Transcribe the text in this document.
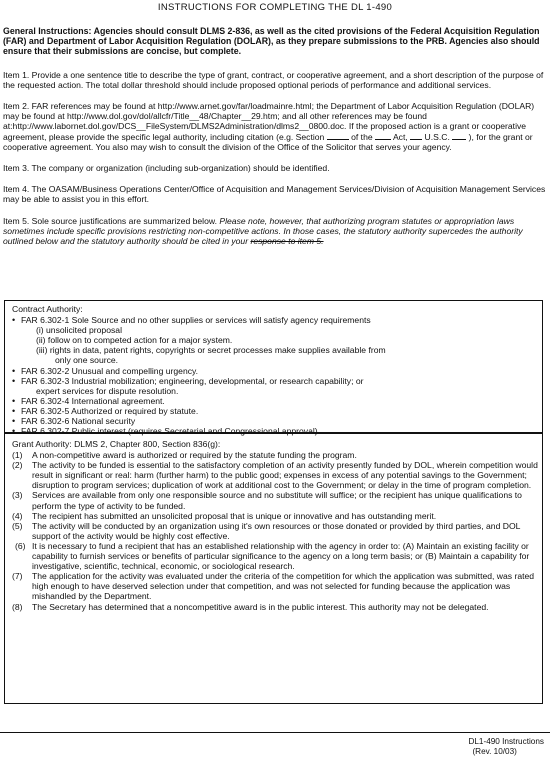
INSTRUCTIONS FOR COMPLETING THE DL 1-490
General Instructions: Agencies should consult DLMS 2-836, as well as the cited provisions of the Federal Acquisition Regulation (FAR) and Department of Labor Acquisition Regulation (DOLAR), as they prepare submissions to the PRB. Agencies also should ensure that their submissions are concise, but complete.
Item 1. Provide a one sentence title to describe the type of grant, contract, or cooperative agreement, and a short description of the purpose of the requested action. The total dollar threshold should include proposed optional periods of performance and additional services.
Item 2. FAR references may be found at http://www.arnet.gov/far/loadmainre.html; the Department of Labor Acquisition Regulation (DOLAR) may be found at http://www.dol.gov/dol/allcfr/Title__48/Chapter__29.htm; and all other references may be found at:http://www.labornet.dol.gov/DCS__FileSystem/DLMS2Administration/dlms2__0800.doc. If the proposed action is a grant or cooperative agreement, please provide the specific legal authority, including citation (e.g. Section	of the Act, U.S.C. ), for the grant or cooperative agreement. You also may wish to consult the division of the Office of the Solicitor that serves your agency.
Item 3. The company or organization (including sub-organization) should be identified.
Item 4. The OASAM/Business Operations Center/Office of Acquisition and Management Services/Division of Acquisition Management Services may be able to assist you in this effort.
Item 5. Sole source justifications are summarized below. Please note, however, that authorizing program statutes or appropriation laws sometimes include specific provisions restricting non-competitive actions. In those cases, the statutory authority supercedes the authority outlined below and the statutory authority should be cited in your response to item 5.
Contract Authority:
• FAR 6.302-1 Sole Source and no other supplies or services will satisfy agency requirements
(i) unsolicited proposal
(ii) follow on to competed action for a major system.
(iii) rights in data, patent rights, copyrights or secret processes make supplies available from
only one source.
• FAR 6.302-2 Unusual and compelling urgency.
• FAR 6.302-3 Industrial mobilization; engineering, developmental, or research capability; or
expert services for dispute resolution.
• FAR 6.302-4 International agreement.
• FAR 6.302-5 Authorized or required by statute.
• FAR 6.302-6 National security
• FAR 6.302-7 Public interest (requires Secretarial and Congressional approval)
Grant Authority: DLMS 2, Chapter 800, Section 836(g):
(1) A non-competitive award is authorized or required by the statute funding the program.
(2) The activity to be funded is essential to the satisfactory completion of an activity presently funded by DOL, wherein competition would result in significant or real: harm (further harm) to the public good; expenses in excess of any potential savings to the Government; disruption to program services; duplication of work at additional cost to the Government; or delay in the time of program completion.
(3) Services are available from only one responsible source and no substitute will suffice; or the recipient has unique qualifications to perform the type of activity to be funded.
(4) The recipient has submitted an unsolicited proposal that is unique or innovative and has outstanding merit.
(5) The activity will be conducted by an organization using it's own resources or those donated or provided by third parties, and DOL support of the activity would be highly cost effective.
(6) It is necessary to fund a recipient that has an established relationship with the agency in order to: (A) Maintain an existing facility or capability to furnish services or benefits of particular significance to the agency on a long term basis; or (B) Maintain a capability for investigative, scientific, technical, economic, or sociological research.
(7) The application for the activity was evaluated under the criteria of the competition for which the application was submitted, was rated high enough to have deserved selection under that competition, and was not selected for funding because the application was mishandled by the Department.
(8) The Secretary has determined that a noncompetitive award is in the public interest. This authority may not be delegated.
DL1-490 Instructions
(Rev. 10/03)
